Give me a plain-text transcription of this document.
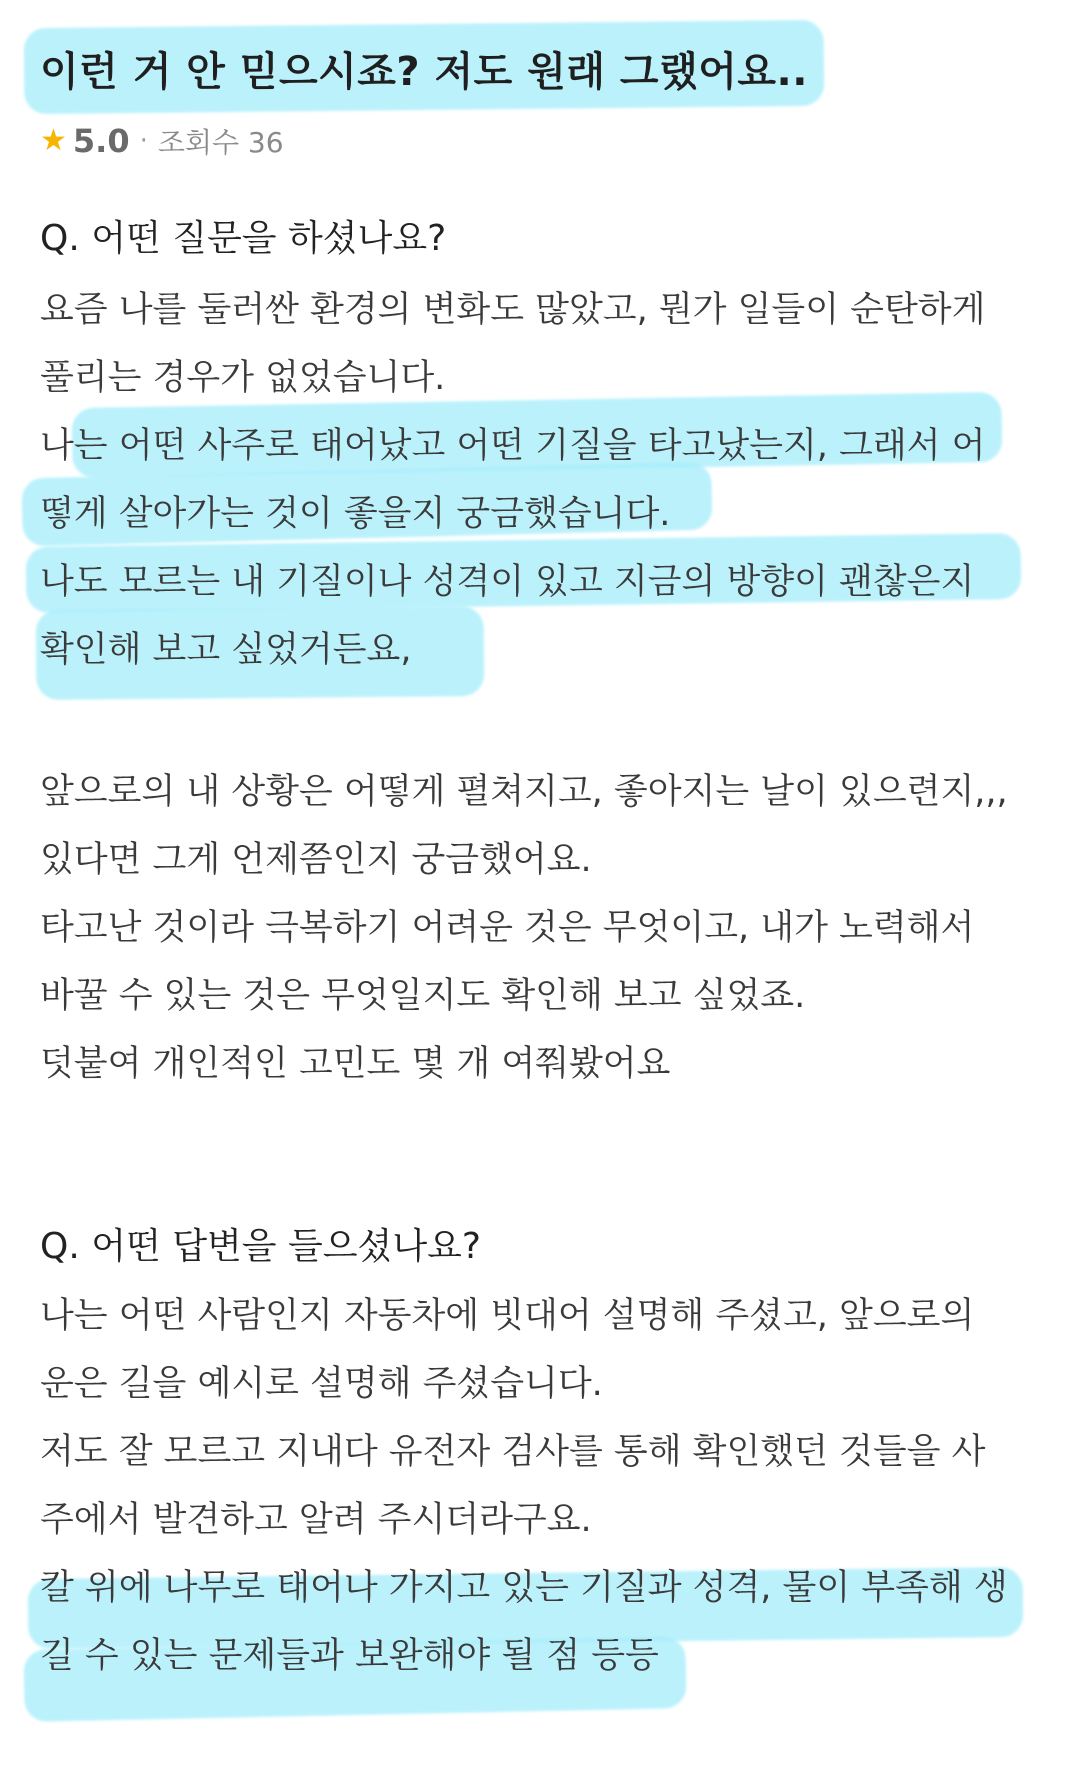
이런 거 안 믿으시죠? 저도 원래 그랬어요..
★ 5.0 · 조회수 36
Q. 어떤 질문을 하셨나요?
요즘 나를 둘러싼 환경의 변화도 많았고, 뭔가 일들이 순탄하게
풀리는 경우가 없었습니다.
나는 어떤 사주로 태어났고 어떤 기질을 타고났는지, 그래서 어
떻게 살아가는 것이 좋을지 궁금했습니다.
나도 모르는 내 기질이나 성격이 있고 지금의 방향이 괜찮은지
확인해 보고 싶었거든요,
앞으로의 내 상황은 어떻게 펼쳐지고, 좋아지는 날이 있으련지,,,
있다면 그게 언제쯤인지 궁금했어요.
타고난 것이라 극복하기 어려운 것은 무엇이고, 내가 노력해서
바꿀 수 있는 것은 무엇일지도 확인해 보고 싶었죠.
덧붙여 개인적인 고민도 몇 개 여쭤봤어요
Q. 어떤 답변을 들으셨나요?
나는 어떤 사람인지 자동차에 빗대어 설명해 주셨고, 앞으로의
운은 길을 예시로 설명해 주셨습니다.
저도 잘 모르고 지내다 유전자 검사를 통해 확인했던 것들을 사
주에서 발견하고 알려 주시더라구요.
칼 위에 나무로 태어나 가지고 있는 기질과 성격, 물이 부족해 생
길 수 있는 문제들과 보완해야 될 점 등등
